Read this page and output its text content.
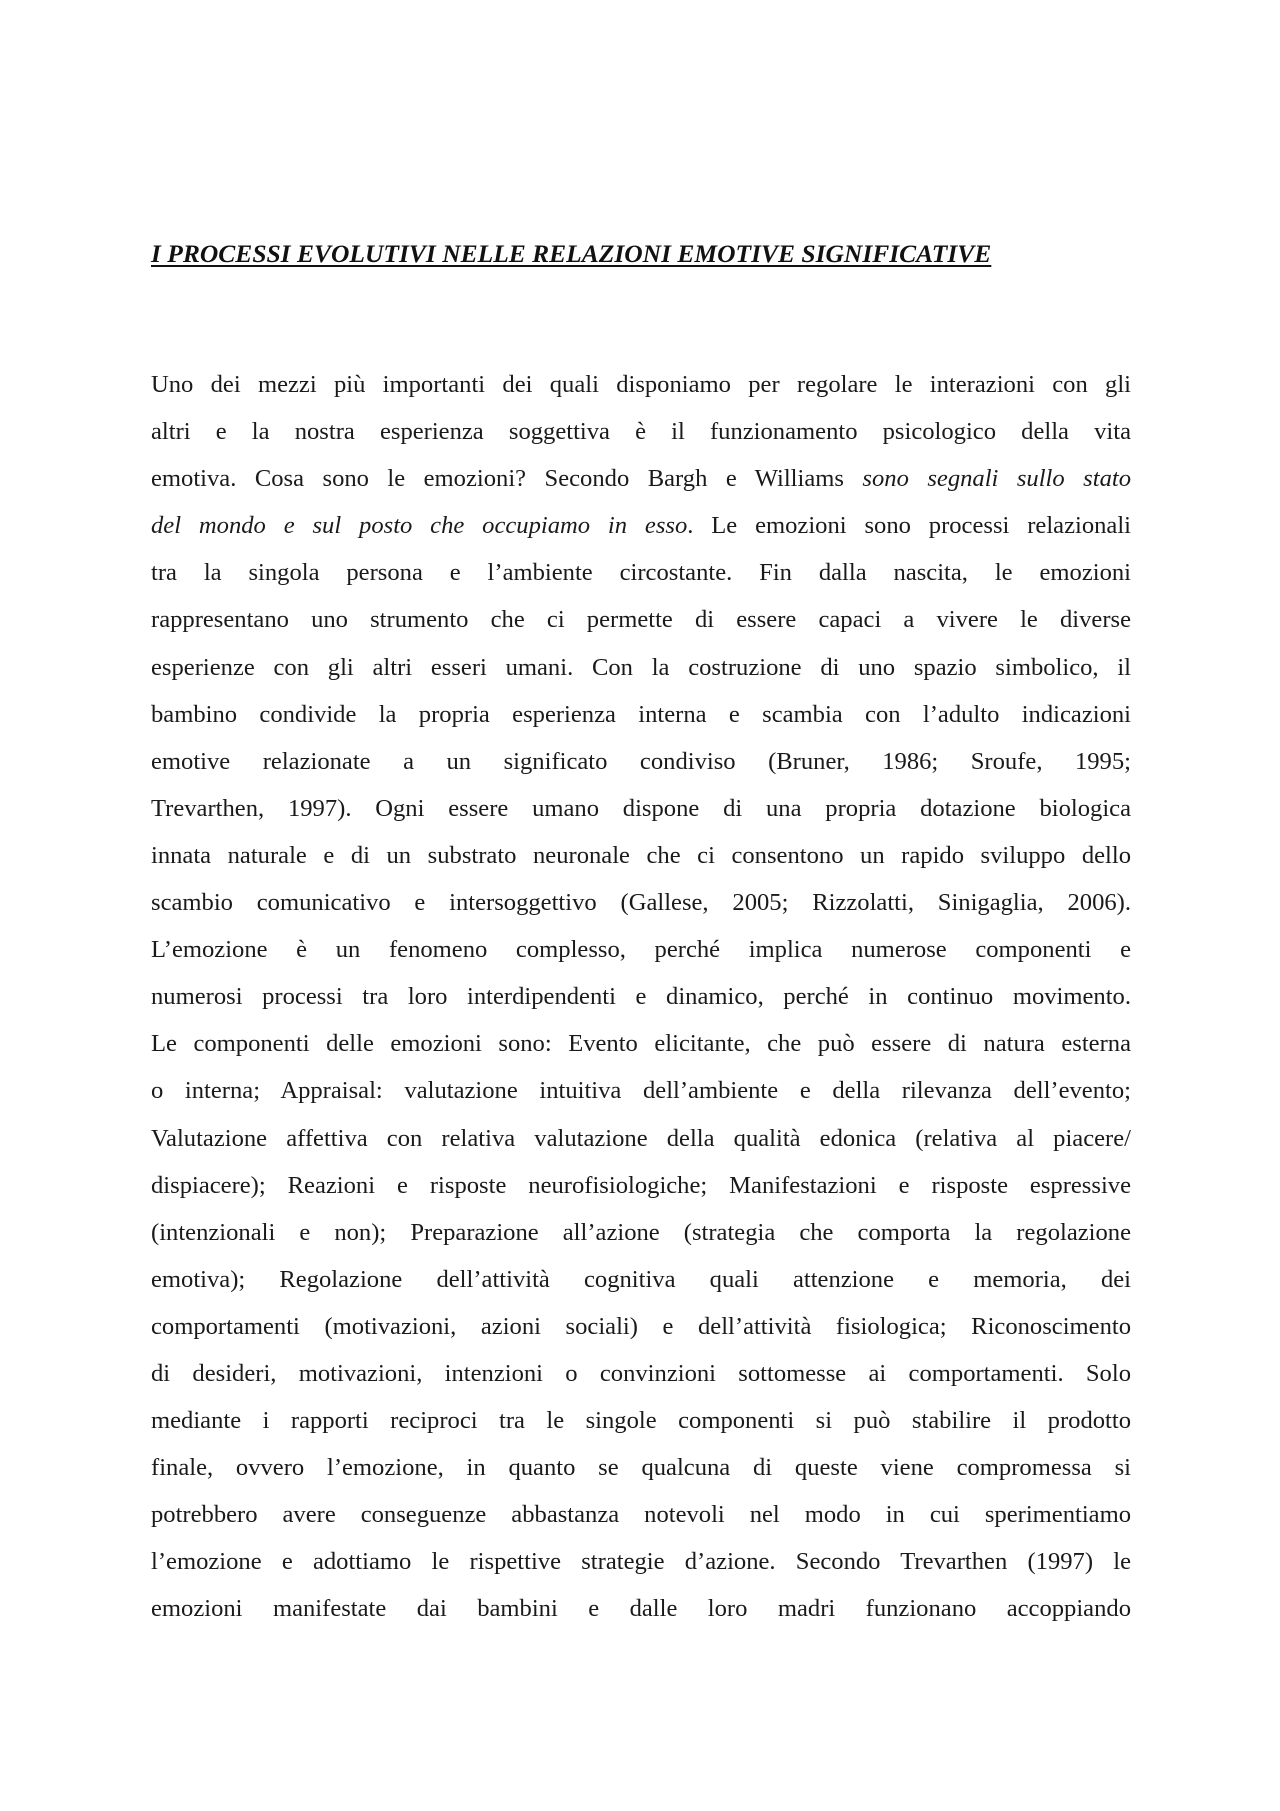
I PROCESSI EVOLUTIVI NELLE RELAZIONI EMOTIVE SIGNIFICATIVE
Uno dei mezzi più importanti dei quali disponiamo per regolare le interazioni con gli
altri e la nostra esperienza soggettiva è il funzionamento psicologico della vita
emotiva. Cosa sono le emozioni? Secondo Bargh e Williams sono segnali sullo stato
del mondo e sul posto che occupiamo in esso. Le emozioni sono processi relazionali
tra la singola persona e l’ambiente circostante. Fin dalla nascita, le emozioni
rappresentano uno strumento che ci permette di essere capaci a vivere le diverse
esperienze con gli altri esseri umani. Con la costruzione di uno spazio simbolico, il
bambino condivide la propria esperienza interna e scambia con l’adulto indicazioni
emotive relazionate a un significato condiviso (Bruner, 1986; Sroufe, 1995;
Trevarthen, 1997). Ogni essere umano dispone di una propria dotazione biologica
innata naturale e di un substrato neuronale che ci consentono un rapido sviluppo dello
scambio comunicativo e intersoggettivo (Gallese, 2005; Rizzolatti, Sinigaglia, 2006).
L’emozione è un fenomeno complesso, perché implica numerose componenti e
numerosi processi tra loro interdipendenti e dinamico, perché in continuo movimento.
Le componenti delle emozioni sono: Evento elicitante, che può essere di natura esterna
o interna; Appraisal: valutazione intuitiva dell’ambiente e della rilevanza dell’evento;
Valutazione affettiva con relativa valutazione della qualità edonica (relativa al piacere/
dispiacere); Reazioni e risposte neurofisiologiche; Manifestazioni e risposte espressive
(intenzionali e non); Preparazione all’azione (strategia che comporta la regolazione
emotiva); Regolazione dell’attività cognitiva quali attenzione e memoria, dei
comportamenti (motivazioni, azioni sociali) e dell’attività fisiologica; Riconoscimento
di desideri, motivazioni, intenzioni o convinzioni sottomesse ai comportamenti. Solo
mediante i rapporti reciproci tra le singole componenti si può stabilire il prodotto
finale, ovvero l’emozione, in quanto se qualcuna di queste viene compromessa si
potrebbero avere conseguenze abbastanza notevoli nel modo in cui sperimentiamo
l’emozione e adottiamo le rispettive strategie d’azione. Secondo Trevarthen (1997) le
emozioni manifestate dai bambini e dalle loro madri funzionano accoppiando
